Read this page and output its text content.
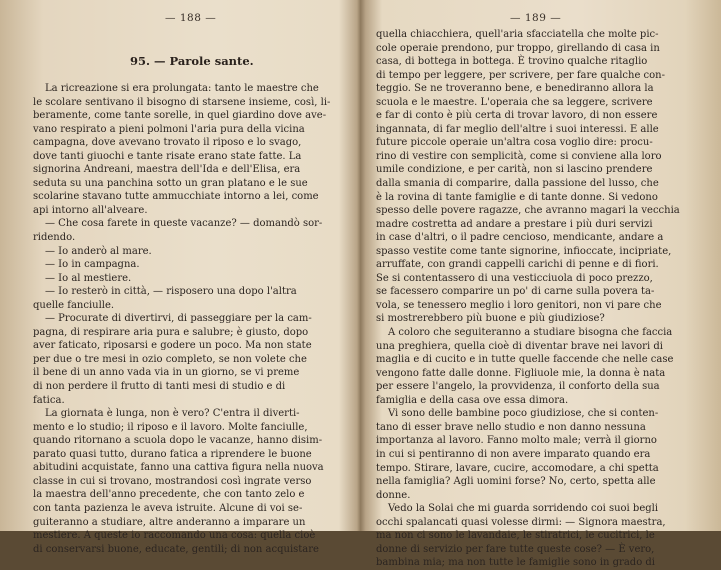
— 188 —
95. — Parole sante.
La ricreazione si era prolungata: tanto le maestre che
le scolare sentivano il bisogno di starsene insieme, così, li-
beramente, come tante sorelle, in quel giardino dove ave-
vano respirato a pieni polmoni l'aria pura della vicina
campagna, dove avevano trovato il riposo e lo svago,
dove tanti giuochi e tante risate erano state fatte. La
signorina Andreani, maestra dell'Ida e dell'Elisa, era
seduta su una panchina sotto un gran platano e le sue
scolarine stavano tutte ammucchiate intorno a lei, come
api intorno all'alveare.
— Che cosa farete in queste vacanze? — domandò sor-
ridendo.
— Io anderò al mare.
— Io in campagna.
— Io al mestiere.
— Io resterò in città, — risposero una dopo l'altra
quelle fanciulle.
— Procurate di divertirvi, di passeggiare per la cam-
pagna, di respirare aria pura e salubre; è giusto, dopo
aver faticato, riposarsi e godere un poco. Ma non state
per due o tre mesi in ozio completo, se non volete che
il bene di un anno vada via in un giorno, se vi preme
di non perdere il frutto di tanti mesi di studio e di
fatica.
La giornata è lunga, non è vero? C'entra il diverti-
mento e lo studio; il riposo e il lavoro. Molte fanciulle,
quando ritornano a scuola dopo le vacanze, hanno disim-
parato quasi tutto, durano fatica a riprendere le buone
abitudini acquistate, fanno una cattiva figura nella nuova
classe in cui si trovano, mostrandosi così ingrate verso
la maestra dell'anno precedente, che con tanto zelo e
con tanta pazienza le aveva istruite. Alcune di voi se-
guiteranno a studiare, altre anderanno a imparare un
mestiere. A queste io raccomando una cosa: quella cioè
di conservarsi buone, educate, gentili; di non acquistare
— 189 —
quella chiacchiera, quell'aria sfacciatella che molte pic-
cole operaie prendono, pur troppo, girellando di casa in
casa, di bottega in bottega. È trovino qualche ritaglio
di tempo per leggere, per scrivere, per fare qualche con-
teggio. Se ne troveranno bene, e benediranno allora la
scuola e le maestre. L'operaia che sa leggere, scrivere
e far di conto è più certa di trovar lavoro, di non essere
ingannata, di far meglio dell'altre i suoi interessi. E alle
future piccole operaie un'altra cosa voglio dire: procu-
rino di vestire con semplicità, come si conviene alla loro
umile condizione, e per carità, non si lascino prendere
dalla smania di comparire, dalla passione del lusso, che
è la rovina di tante famiglie e di tante donne. Si vedono
spesso delle povere ragazze, che avranno magari la vecchia
madre costretta ad andare a prestare i più duri servizi
in case d'altri, o il padre cencioso, mendicante, andare a
spasso vestite come tante signorine, infioccate, incipriate,
arruffate, con grandi cappelli carichi di penne e di fiori.
Se si contentassero di una vesticciuola di poco prezzo,
se facessero comparire un po' di carne sulla povera ta-
vola, se tenessero meglio i loro genitori, non vi pare che
si mostrerebbero più buone e più giudiziose?
A coloro che seguiteranno a studiare bisogna che faccia
una preghiera, quella cioè di diventar brave nei lavori di
maglia e di cucito e in tutte quelle faccende che nelle case
vengono fatte dalle donne. Figliuole mie, la donna è nata
per essere l'angelo, la provvidenza, il conforto della sua
famiglia e della casa ove essa dimora.
Vi sono delle bambine poco giudiziose, che si conten-
tano di esser brave nello studio e non danno nessuna
importanza al lavoro. Fanno molto male; verrà il giorno
in cui si pentiranno di non avere imparato quando era
tempo. Stirare, lavare, cucire, accomodare, a chi spetta
nella famiglia? Agli uomini forse? No, certo, spetta alle
donne.
Vedo la Solai che mi guarda sorridendo coi suoi begli
occhi spalancati quasi volesse dirmi: — Signora maestra,
ma non ci sono le lavandaie, le stiratrici, le cucitrici, le
donne di servizio per fare tutte queste cose? — È vero,
bambina mia; ma non tutte le famiglie sono in grado di
